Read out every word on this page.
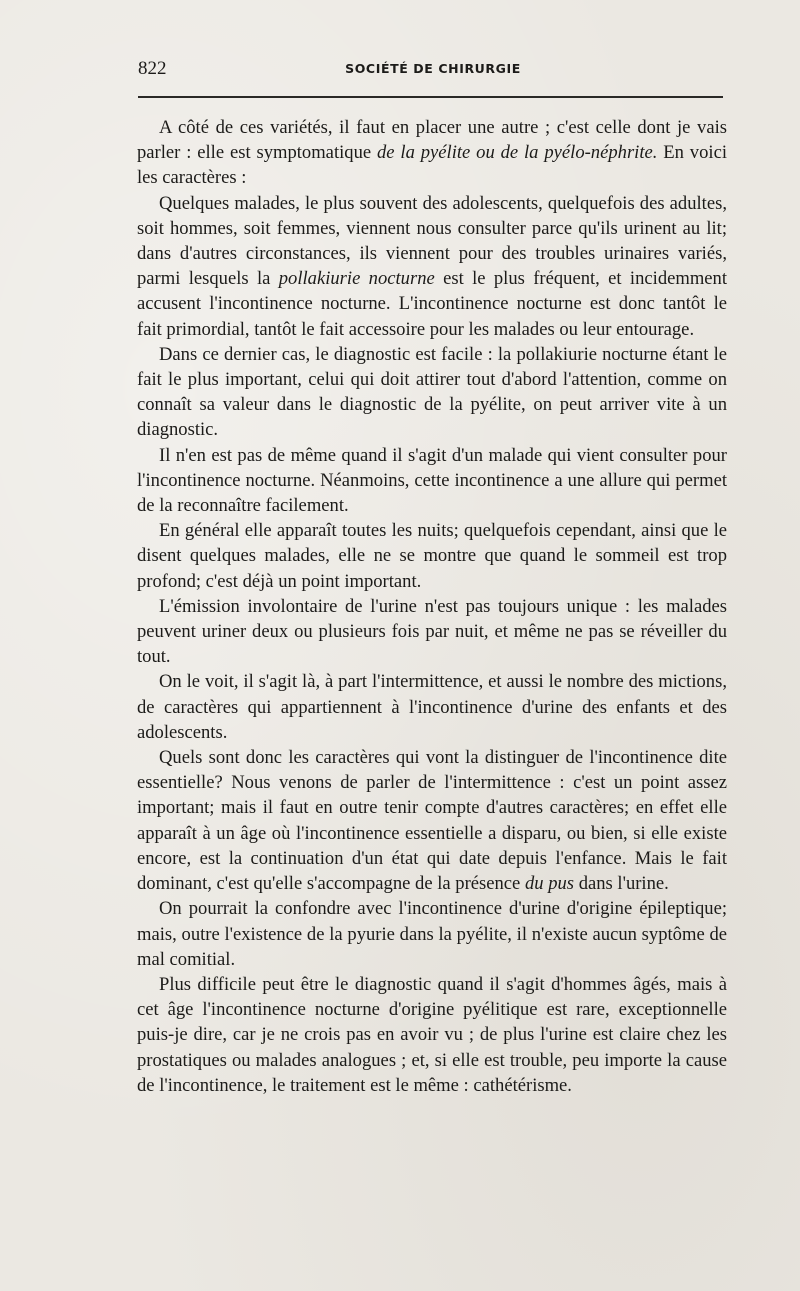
822	SOCIÉTÉ DE CHIRURGIE

A côté de ces variétés, il faut en placer une autre ; c'est celle dont je vais parler : elle est symptomatique de la pyélite ou de la pyélo-néphrite. En voici les caractères :

Quelques malades, le plus souvent des adolescents, quelquefois des adultes, soit hommes, soit femmes, viennent nous consulter parce qu'ils urinent au lit; dans d'autres circonstances, ils viennent pour des troubles urinaires variés, parmi lesquels la pollakiurie nocturne est le plus fréquent, et incidemment accusent l'incontinence nocturne. L'incontinence nocturne est donc tantôt le fait primordial, tantôt le fait accessoire pour les malades ou leur entourage.

Dans ce dernier cas, le diagnostic est facile : la pollakiurie nocturne étant le fait le plus important, celui qui doit attirer tout d'abord l'attention, comme on connaît sa valeur dans le diagnostic de la pyélite, on peut arriver vite à un diagnostic.

Il n'en est pas de même quand il s'agit d'un malade qui vient consulter pour l'incontinence nocturne. Néanmoins, cette incontinence a une allure qui permet de la reconnaître facilement.

En général elle apparaît toutes les nuits; quelquefois cependant, ainsi que le disent quelques malades, elle ne se montre que quand le sommeil est trop profond; c'est déjà un point important.

L'émission involontaire de l'urine n'est pas toujours unique : les malades peuvent uriner deux ou plusieurs fois par nuit, et même ne pas se réveiller du tout.

On le voit, il s'agit là, à part l'intermittence, et aussi le nombre des mictions, de caractères qui appartiennent à l'incontinence d'urine des enfants et des adolescents.

Quels sont donc les caractères qui vont la distinguer de l'incontinence dite essentielle? Nous venons de parler de l'intermittence : c'est un point assez important; mais il faut en outre tenir compte d'autres caractères; en effet elle apparaît à un âge où l'incontinence essentielle a disparu, ou bien, si elle existe encore, est la continuation d'un état qui date depuis l'enfance. Mais le fait dominant, c'est qu'elle s'accompagne de la présence du pus dans l'urine.

On pourrait la confondre avec l'incontinence d'urine d'origine épileptique; mais, outre l'existence de la pyurie dans la pyélite, il n'existe aucun syptôme de mal comitial.

Plus difficile peut être le diagnostic quand il s'agit d'hommes âgés, mais à cet âge l'incontinence nocturne d'origine pyélitique est rare, exceptionnelle puis-je dire, car je ne crois pas en avoir vu ; de plus l'urine est claire chez les prostatiques ou malades analogues ; et, si elle est trouble, peu importe la cause de l'incontinence, le traitement est le même : cathétérisme.
